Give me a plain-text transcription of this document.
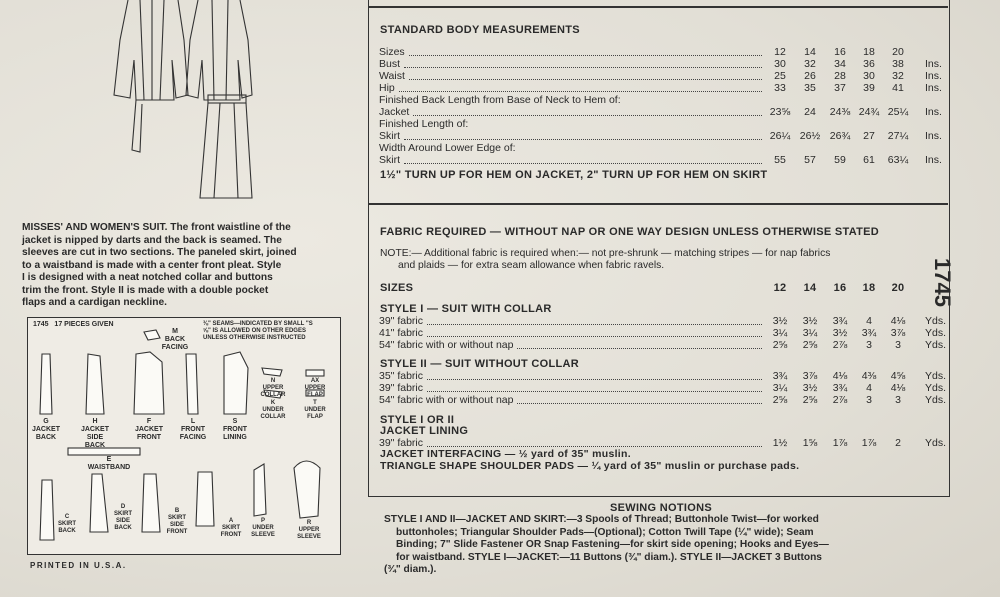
MISSES' AND WOMEN'S SUIT. The front waistline of the
jacket is nipped by darts and the back is seamed. The
sleeves are cut in two sections. The paneled skirt, joined
to a waistband is made with a center front pleat. Style
I is designed with a neat notched collar and buttons
trim the front. Style II is made with a double pocket
flaps and a cardigan neckline.
1745 17 PIECES GIVEN	⅜" SEAMS—INDICATED BY SMALL "S
⅝" IS ALLOWED ON OTHER EDGES
UNLESS OTHERWISE INSTRUCTED
M
BACK
FACING
G
JACKET
BACK
H
JACKET
SIDE
BACK
F
JACKET
FRONT
L
FRONT
FACING
S
FRONT
LINING
N
UPPER
COLLAR
K
UNDER
COLLAR
AX
UPPER
FLAP
T
UNDER
FLAP
E
WAISTBAND
C
SKIRT
BACK
D
SKIRT
SIDE
BACK
B
SKIRT
SIDE
FRONT
A
SKIRT
FRONT
P
UNDER
SLEEVE
R
UPPER
SLEEVE
PRINTED IN U.S.A.
STANDARD BODY MEASUREMENTS
Sizes	12	14	16	18	20
Bust	30	32	34	36	38	Ins.
Waist	25	26	28	30	32	Ins.
Hip	33	35	37	39	41	Ins.
Finished Back Length from Base of Neck to Hem of:
Jacket	23⅝	24	24⅜ 24¾ 25¼ Ins.
Finished Length of:
Skirt	26¼ 26½ 26¾	27	27¼ Ins.
Width Around Lower Edge of:
Skirt	55	57	59	61	63¼ Ins.
1½" TURN UP FOR HEM ON JACKET, 2" TURN UP FOR HEM ON SKIRT
FABRIC REQUIRED — WITHOUT NAP OR ONE WAY DESIGN UNLESS OTHERWISE STATED
NOTE:— Additional fabric is required when:— not pre-shrunk — matching stripes — for nap fabrics
and plaids — for extra seam allowance when fabric ravels.
SIZES	12	14	16	18	20
STYLE I — SUIT WITH COLLAR
39" fabric	3½	3½	3¾	4	4⅛	Yds.
41" fabric	3¼	3¼	3½	3¾	3⅞	Yds.
54" fabric with or without nap	2⅝	2⅝	2⅞	3	3	Yds.
STYLE II — SUIT WITHOUT COLLAR
35" fabric	3¾	3⅞	4⅛	4⅜	4⅝	Yds.
39" fabric	3¼	3½	3¾	4	4⅛	Yds.
54" fabric with or without nap	2⅝	2⅝	2⅞	3	3	Yds.
STYLE I OR II
JACKET LINING
39" fabric	1½	1⅝	1⅞	1⅞	2	Yds.
JACKET INTERFACING — ½ yard of 35" muslin.
TRIANGLE SHAPE SHOULDER PADS — ¼ yard of 35" muslin or purchase pads.
SEWING NOTIONS
STYLE I AND II—JACKET AND SKIRT:—3 Spools of Thread; Buttonhole Twist—for worked
buttonholes; Triangular Shoulder Pads—(Optional); Cotton Twill Tape (¼" wide); Seam
Binding; 7" Slide Fastener OR Snap Fastening—for skirt side opening; Hooks and Eyes—
for waistband. STYLE I—JACKET:—11 Buttons (¾" diam.). STYLE II—JACKET 3 Buttons
(¾" diam.).
1745
